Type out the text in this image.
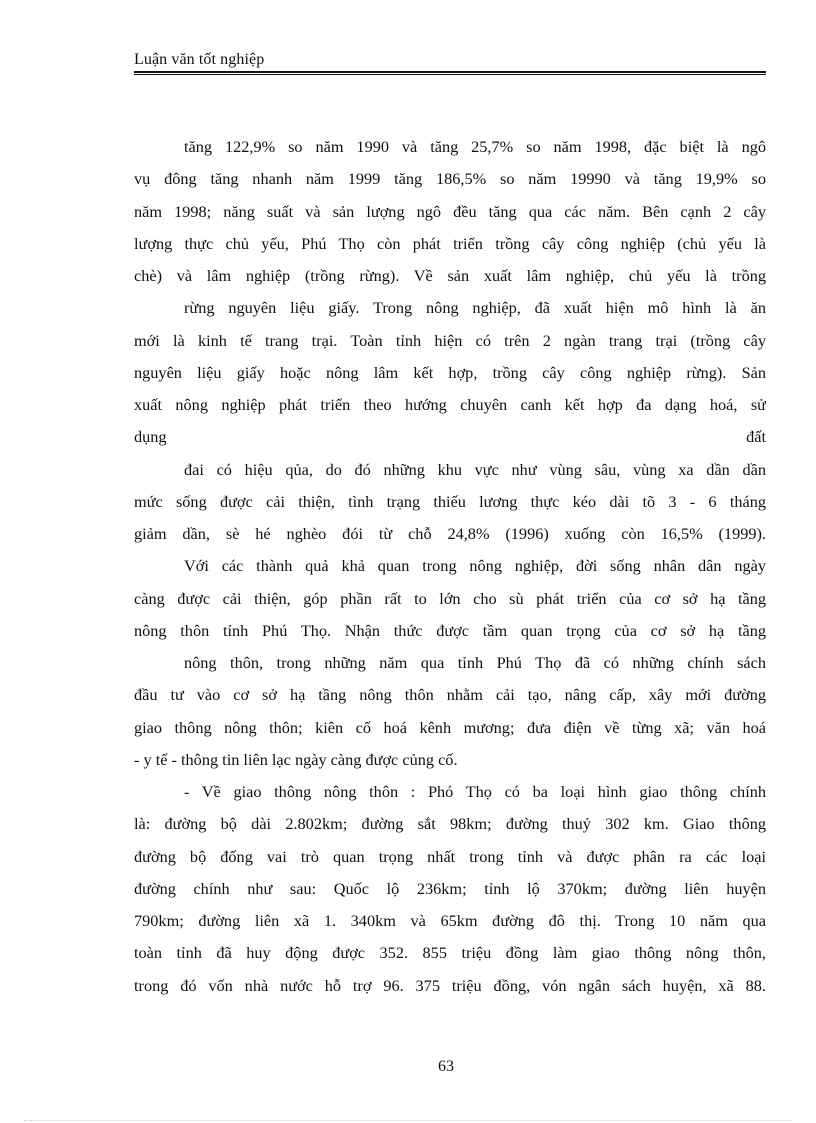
Luận văn tốt nghiệp
tăng 122,9% so năm 1990 và tăng 25,7% so năm 1998, đặc biệt là ngô
vụ đông tăng nhanh năm 1999 tăng 186,5% so năm 19990 và tăng 19,9% so
năm 1998; năng suất và sản lượng ngô đều tăng qua các năm. Bên cạnh 2 cây
lượng thực chủ yếu, Phú Thọ còn phát triển trồng cây công nghiệp (chủ yếu là
chè) và lâm nghiệp (trồng rừng). Về sản xuất lâm nghiệp, chủ yếu là trồng
rừng nguyên liệu giấy. Trong nông nghiệp, đã xuất hiện mô hình là ăn
mới là kinh tế trang trại. Toàn tỉnh hiện có trên 2 ngàn trang trại (trồng cây
nguyên liệu giấy hoặc nông lâm kết hợp, trồng cây công nghiệp rừng). Sản
xuất nông nghiệp phát triển theo hướng chuyên canh kết hợp đa dạng hoá, sử
dụng đất
đai có hiệu qủa, do đó những khu vực như vùng sâu, vùng xa dần dần
mức sống được cải thiện, tình trạng thiếu lương thực kéo dài tõ 3 - 6 tháng
giảm dần, sè hé nghèo đói từ chỗ 24,8% (1996) xuống còn 16,5% (1999).
Với các thành quả khả quan trong nông nghiệp, đời sống nhân dân ngày
càng được cải thiện, góp phần rất to lớn cho sù phát triển của cơ sở hạ tầng
nông thôn tỉnh Phú Thọ. Nhận thức được tầm quan trọng của cơ sở hạ tầng
nông thôn, trong những năm qua tỉnh Phú Thọ đã có những chính sách
đầu tư vào cơ sở hạ tầng nông thôn nhằm cải tạo, nâng cấp, xây mới đường
giao thông nông thôn; kiên cố hoá kênh mương; đưa điện về từng xã; văn hoá
- y tế - thông tin liên lạc ngày càng được củng cố.
- Về giao thông nông thôn : Phó Thọ có ba loại hình giao thông chính
là: đường bộ dài 2.802km; đường sắt 98km; đường thuỷ 302 km. Giao thông
đường bộ đống vai trò quan trọng nhất trong tỉnh và được phân ra các loại
đường chính như sau: Quốc lộ 236km; tỉnh lộ 370km; đường liên huyện
790km; đường liên xã 1. 340km và 65km đường đô thị. Trong 10 năm qua
toàn tỉnh đã huy động được 352. 855 triệu đồng làm giao thông nông thôn,
trong đó vốn nhà nước hỗ trợ 96. 375 triệu đồng, vón ngân sách huyện, xã 88.
63
